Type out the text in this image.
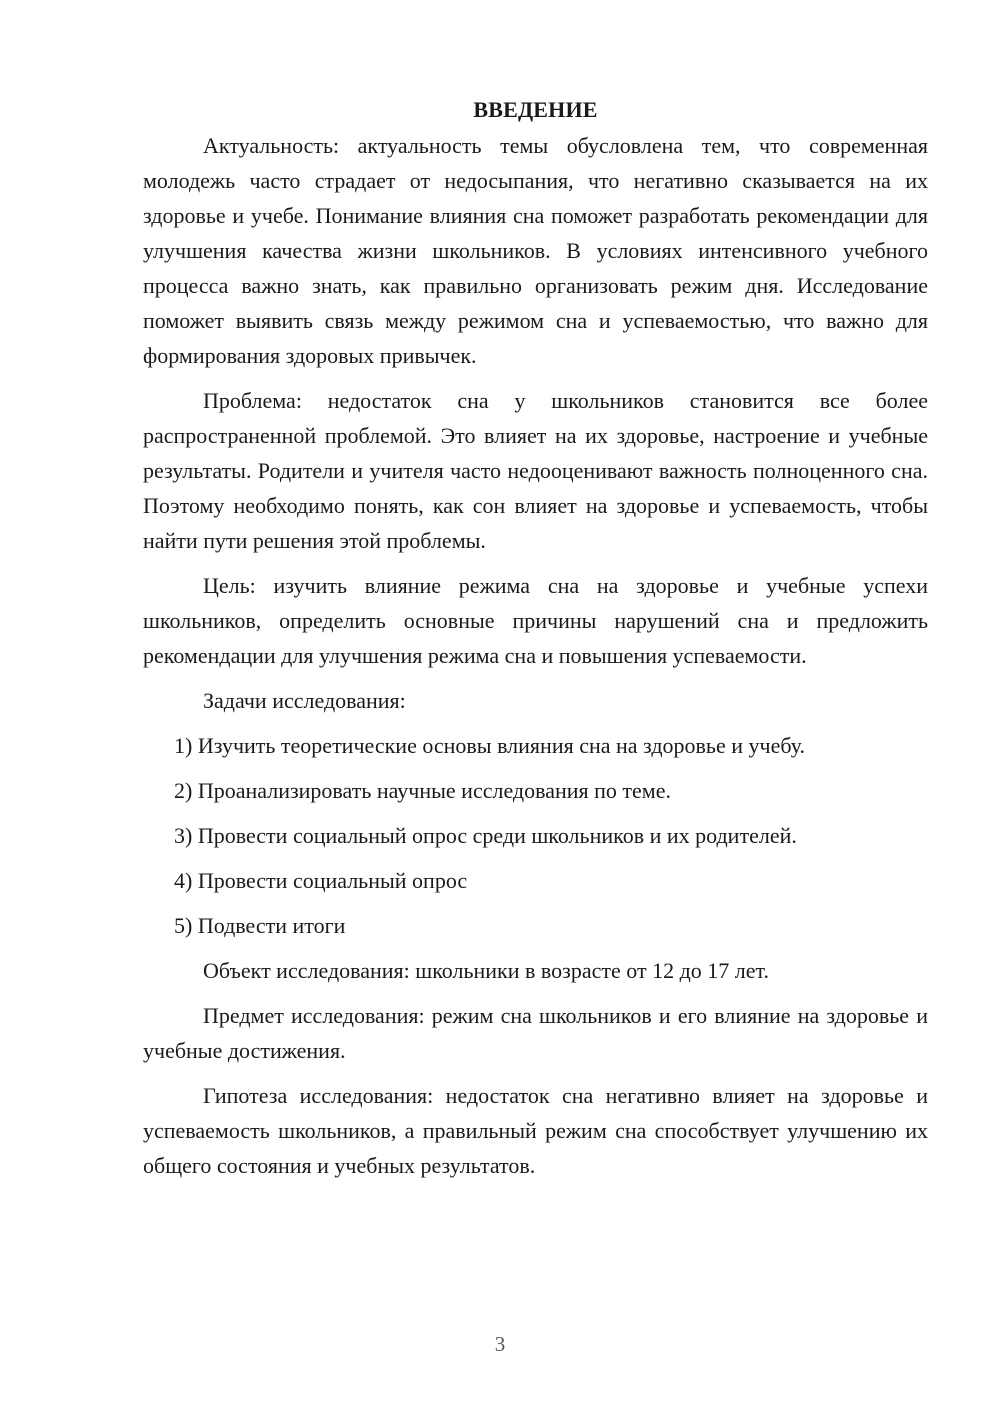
ВВЕДЕНИЕ

Актуальность: актуальность темы обусловлена тем, что современная молодежь часто страдает от недосыпания, что негативно сказывается на их здоровье и учебе. Понимание влияния сна поможет разработать рекомендации для улучшения качества жизни школьников. В условиях интенсивного учебного процесса важно знать, как правильно организовать режим дня. Исследование поможет выявить связь между режимом сна и успеваемостью, что важно для формирования здоровых привычек.

Проблема: недостаток сна у школьников становится все более распространенной проблемой. Это влияет на их здоровье, настроение и учебные результаты. Родители и учителя часто недооценивают важность полноценного сна. Поэтому необходимо понять, как сон влияет на здоровье и успеваемость, чтобы найти пути решения этой проблемы.

Цель: изучить влияние режима сна на здоровье и учебные успехи школьников, определить основные причины нарушений сна и предложить рекомендации для улучшения режима сна и повышения успеваемости.

Задачи исследования:

1) Изучить теоретические основы влияния сна на здоровье и учебу.
2) Проанализировать научные исследования по теме.
3) Провести социальный опрос среди школьников и их родителей.
4) Провести социальный опрос
5) Подвести итоги

Объект исследования: школьники в возрасте от 12 до 17 лет.

Предмет исследования: режим сна школьников и его влияние на здоровье и учебные достижения.

Гипотеза исследования: недостаток сна негативно влияет на здоровье и успеваемость школьников, а правильный режим сна способствует улучшению их общего состояния и учебных результатов.

3
